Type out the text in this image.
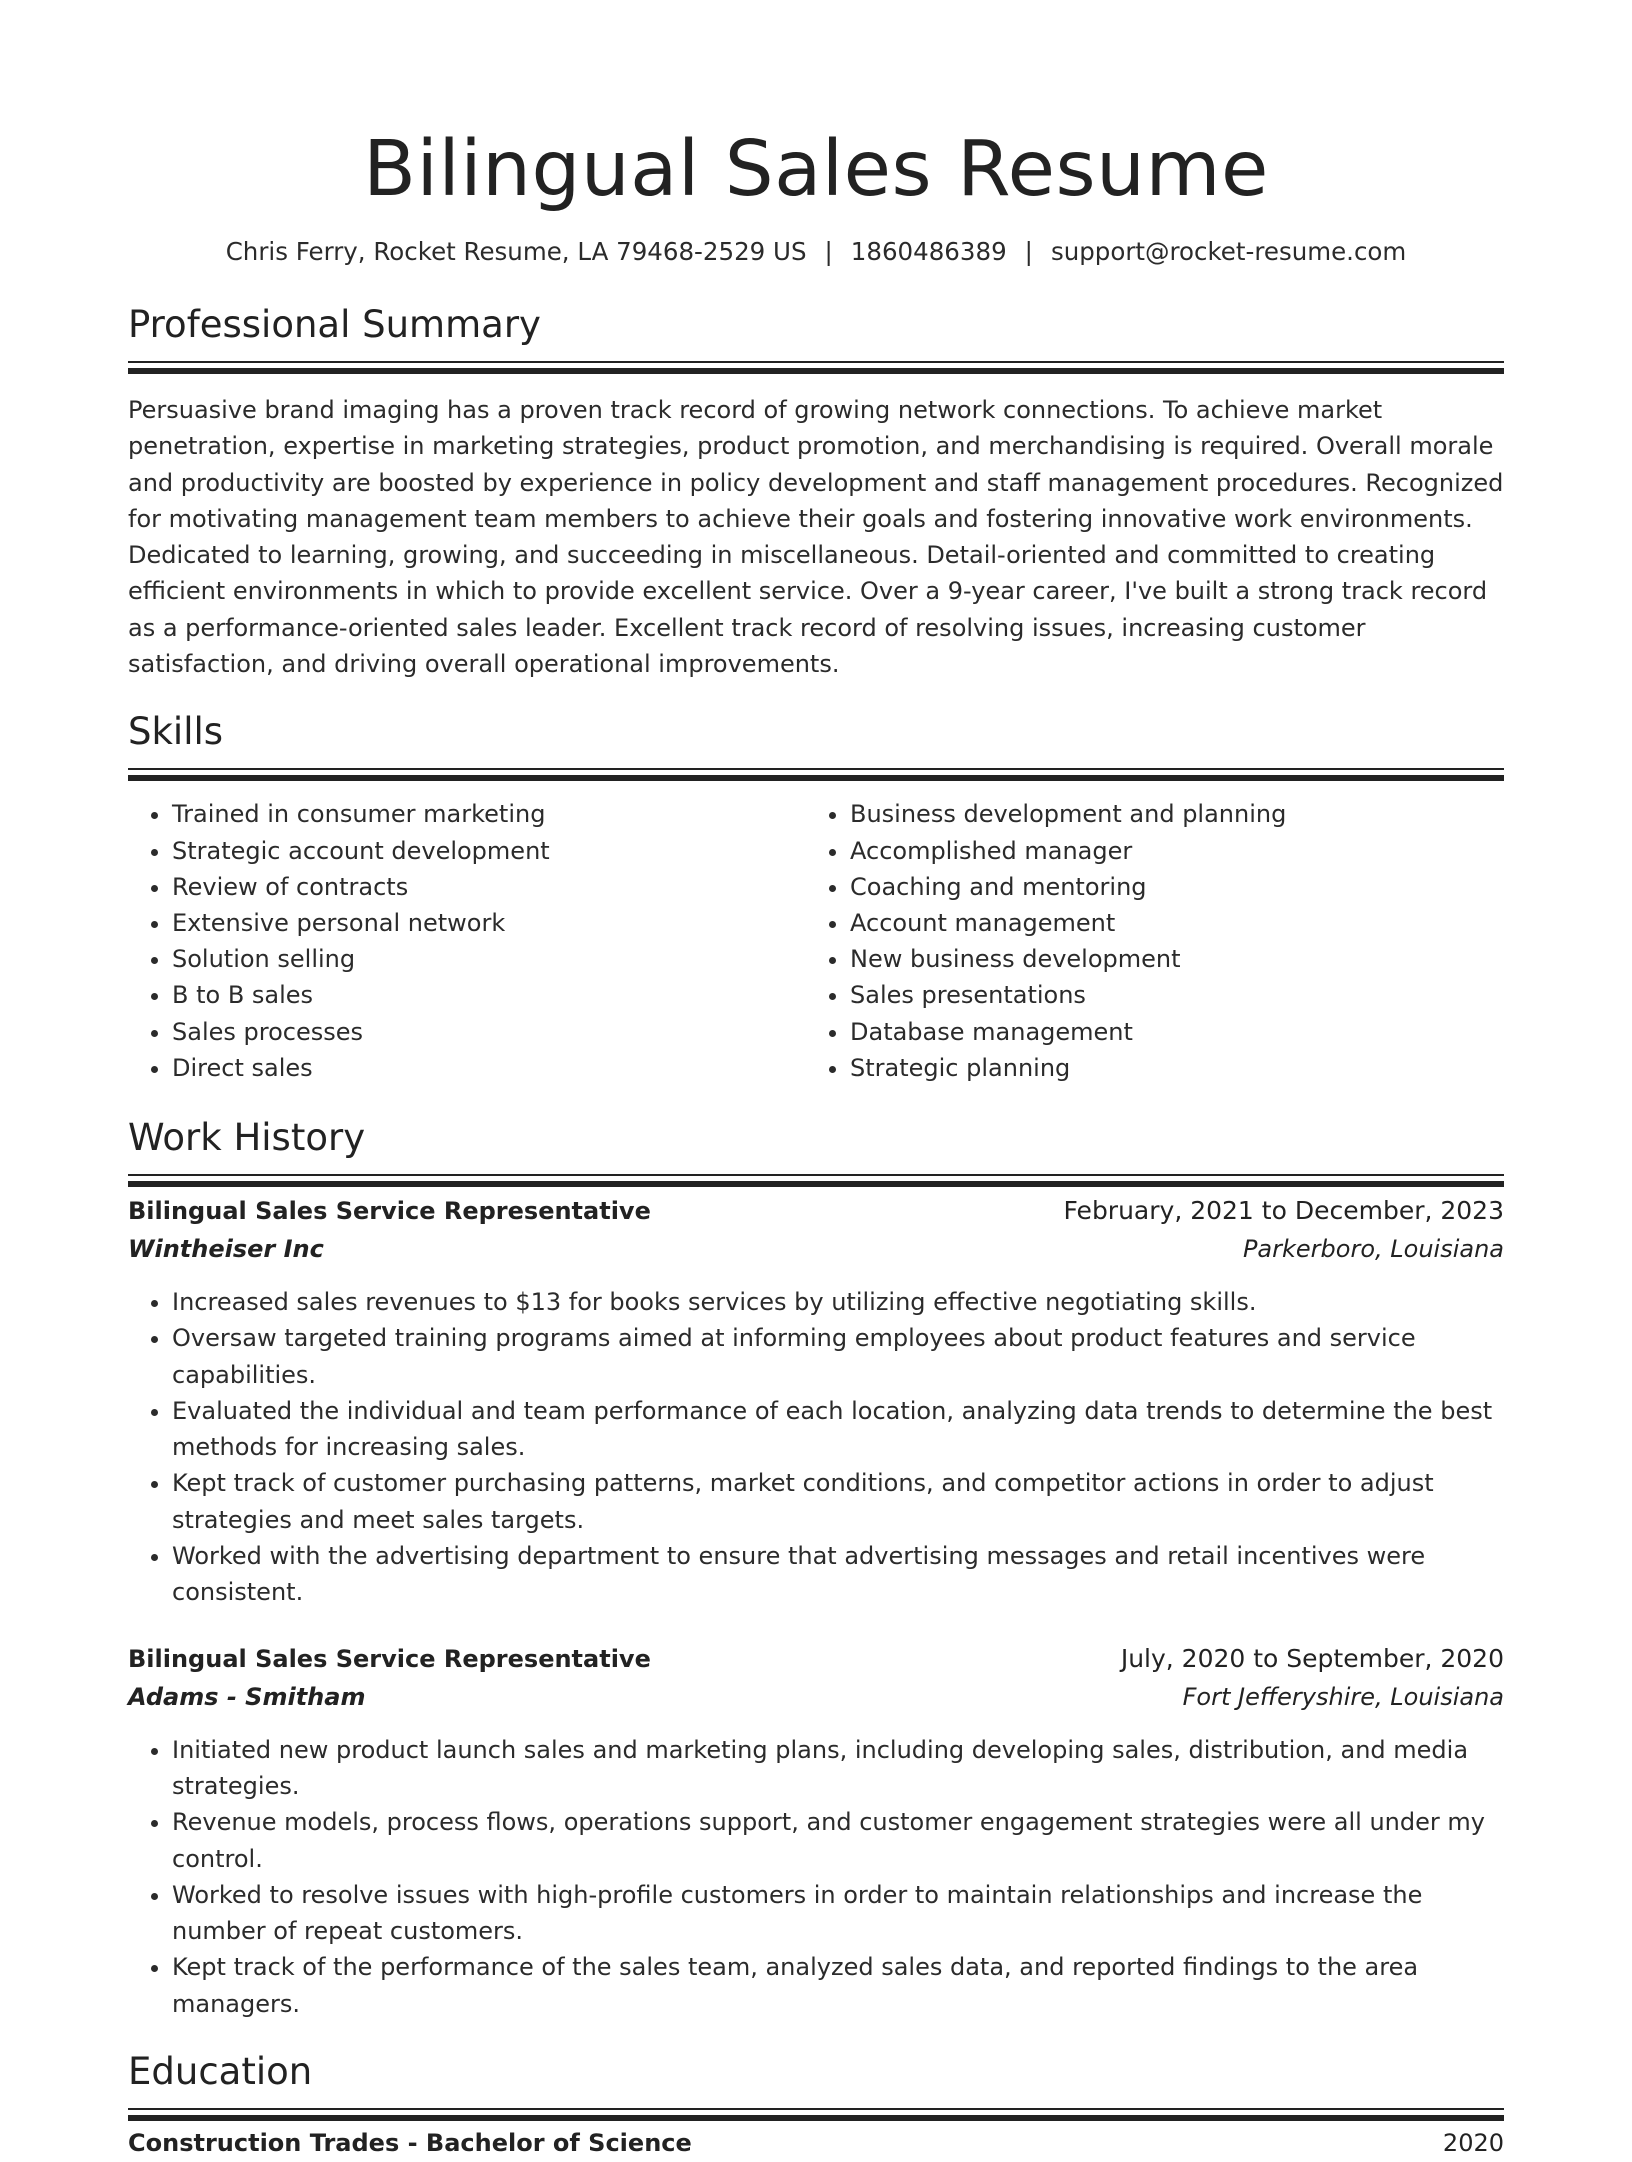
Bilingual Sales Resume
Chris Ferry, Rocket Resume, LA 79468-2529 US | 1860486389 | support@rocket-resume.com
Professional Summary

Persuasive brand imaging has a proven track record of growing network connections. To achieve market penetration, expertise in marketing strategies, product promotion, and merchandising is required. Overall morale and productivity are boosted by experience in policy development and staff management procedures. Recognized for motivating management team members to achieve their goals and fostering innovative work environments. Dedicated to learning, growing, and succeeding in miscellaneous. Detail-oriented and committed to creating efficient environments in which to provide excellent service. Over a 9-year career, I've built a strong track record as a performance-oriented sales leader. Excellent track record of resolving issues, increasing customer satisfaction, and driving overall operational improvements.

Skills
• Trained in consumer marketing
• Strategic account development
• Review of contracts
• Extensive personal network
• Solution selling
• B to B sales
• Sales processes
• Direct sales
• Business development and planning
• Accomplished manager
• Coaching and mentoring
• Account management
• New business development
• Sales presentations
• Database management
• Strategic planning
Work History
Bilingual Sales Service Representative	February, 2021 to December, 2023
Wintheiser Inc	Parkerboro, Louisiana
• Increased sales revenues to $13 for books services by utilizing effective negotiating skills.
• Oversaw targeted training programs aimed at informing employees about product features and service capabilities.
• Evaluated the individual and team performance of each location, analyzing data trends to determine the best methods for increasing sales.
• Kept track of customer purchasing patterns, market conditions, and competitor actions in order to adjust strategies and meet sales targets.
• Worked with the advertising department to ensure that advertising messages and retail incentives were consistent.
Bilingual Sales Service Representative	July, 2020 to September, 2020
Adams - Smitham	Fort Jefferyshire, Louisiana
• Initiated new product launch sales and marketing plans, including developing sales, distribution, and media strategies.
• Revenue models, process flows, operations support, and customer engagement strategies were all under my control.
• Worked to resolve issues with high-profile customers in order to maintain relationships and increase the number of repeat customers.
• Kept track of the performance of the sales team, analyzed sales data, and reported findings to the area managers.
Education
Construction Trades - Bachelor of Science	2020
